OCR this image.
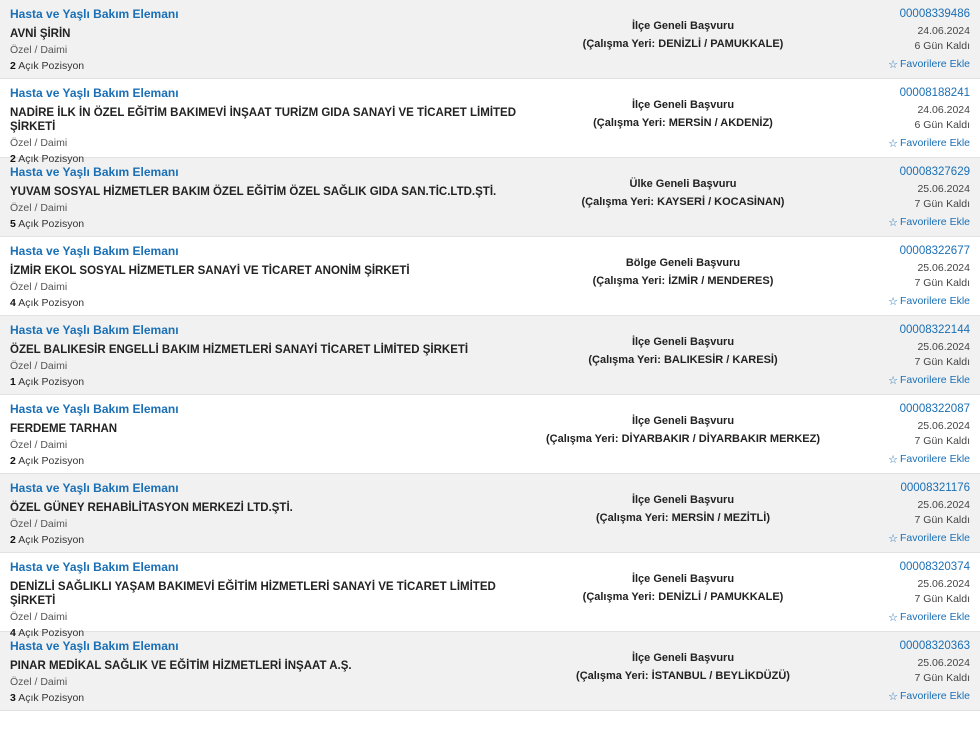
Hasta ve Yaşlı Bakım Elemanı
AVNİ ŞİRİN
Özel / Daimi
2 Açık Pozisyon
İlçe Geneli Başvuru
(Çalışma Yeri: DENİZLİ / PAMUKKALE)
00008339486
24.06.2024
6 Gün Kaldı
☆ Favorilere Ekle
Hasta ve Yaşlı Bakım Elemanı
NADİRE İLK İN ÖZEL EĞİTİM BAKIMEVİ İNŞAAT TURİZM GIDA SANAYİ VE TİCARET LİMİTED ŞİRKETİ
Özel / Daimi
2 Açık Pozisyon
İlçe Geneli Başvuru
(Çalışma Yeri: MERSİN / AKDENİZ)
00008188241
24.06.2024
6 Gün Kaldı
☆ Favorilere Ekle
Hasta ve Yaşlı Bakım Elemanı
YUVAM SOSYAL HİZMETLER BAKIM ÖZEL EĞİTİM ÖZEL SAĞLIK GIDA SAN.TİC.LTD.ŞTİ.
Özel / Daimi
5 Açık Pozisyon
Ülke Geneli Başvuru
(Çalışma Yeri: KAYSERİ / KOCASİNAN)
00008327629
25.06.2024
7 Gün Kaldı
☆ Favorilere Ekle
Hasta ve Yaşlı Bakım Elemanı
İZMİR EKOL SOSYAL HİZMETLER SANAYİ VE TİCARET ANONİM ŞİRKETİ
Özel / Daimi
4 Açık Pozisyon
Bölge Geneli Başvuru
(Çalışma Yeri: İZMİR / MENDERES)
00008322677
25.06.2024
7 Gün Kaldı
☆ Favorilere Ekle
Hasta ve Yaşlı Bakım Elemanı
ÖZEL BALIKESİR ENGELLİ BAKIM HİZMETLERİ SANAYİ TİCARET LİMİTED ŞİRKETİ
Özel / Daimi
1 Açık Pozisyon
İlçe Geneli Başvuru
(Çalışma Yeri: BALIKESİR / KARESİ)
00008322144
25.06.2024
7 Gün Kaldı
☆ Favorilere Ekle
Hasta ve Yaşlı Bakım Elemanı
FERDEME TARHAN
Özel / Daimi
2 Açık Pozisyon
İlçe Geneli Başvuru
(Çalışma Yeri: DİYARBAKIR / DİYARBAKIR MERKEZ)
00008322087
25.06.2024
7 Gün Kaldı
☆ Favorilere Ekle
Hasta ve Yaşlı Bakım Elemanı
ÖZEL GÜNEY REHABİLİTASYON MERKEZİ LTD.ŞTİ.
Özel / Daimi
2 Açık Pozisyon
İlçe Geneli Başvuru
(Çalışma Yeri: MERSİN / MEZİTLİ)
00008321176
25.06.2024
7 Gün Kaldı
☆ Favorilere Ekle
Hasta ve Yaşlı Bakım Elemanı
DENİZLİ SAĞLIKLI YAŞAM BAKIMEVİ EĞİTİM HİZMETLERİ SANAYİ VE TİCARET LİMİTED ŞİRKETİ
Özel / Daimi
4 Açık Pozisyon
İlçe Geneli Başvuru
(Çalışma Yeri: DENİZLİ / PAMUKKALE)
00008320374
25.06.2024
7 Gün Kaldı
☆ Favorilere Ekle
Hasta ve Yaşlı Bakım Elemanı
PINAR MEDİKAL SAĞLIK VE EĞİTİM HİZMETLERİ İNŞAAT A.Ş.
Özel / Daimi
3 Açık Pozisyon
İlçe Geneli Başvuru
(Çalışma Yeri: İSTANBUL / BEYLİKDÜZÜ)
00008320363
25.06.2024
7 Gün Kaldı
☆ Favorilere Ekle
